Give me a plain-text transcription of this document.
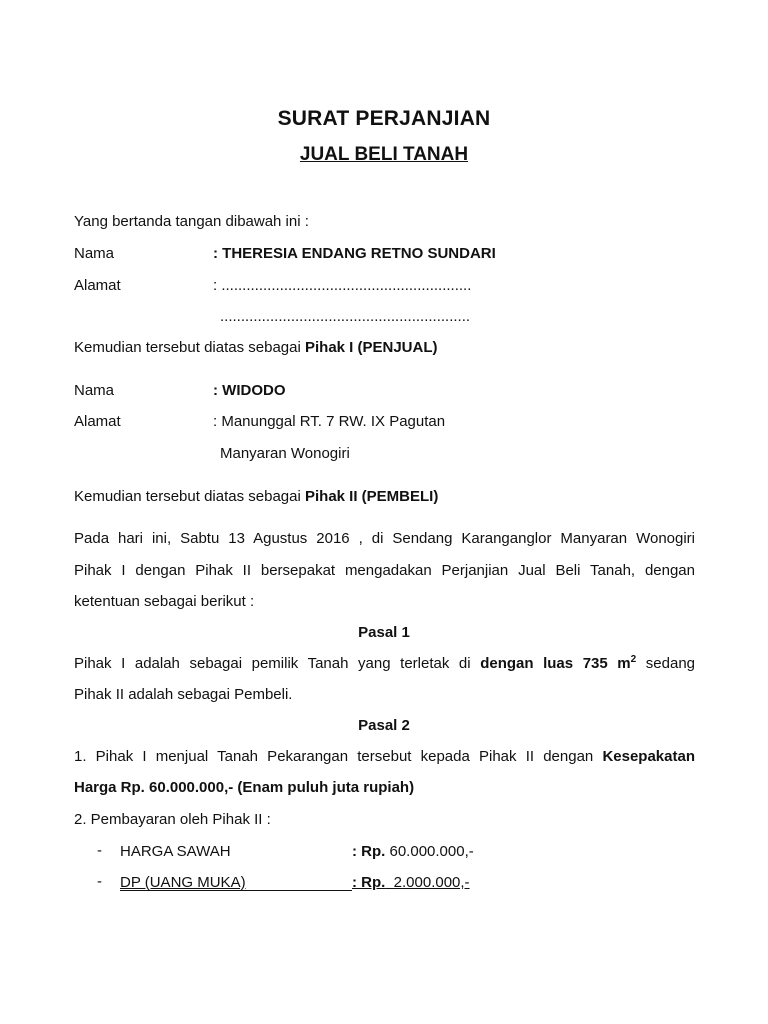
SURAT PERJANJIAN
JUAL BELI TANAH
Yang bertanda tangan dibawah ini :
Nama	: THERESIA ENDANG RETNO SUNDARI
Alamat	: ............................................................
............................................................
Kemudian tersebut diatas sebagai Pihak I (PENJUAL)
Nama	: WIDODO
Alamat	: Manunggal RT. 7 RW. IX Pagutan
Manyaran Wonogiri
Kemudian tersebut diatas sebagai Pihak II (PEMBELI)
Pada hari ini, Sabtu 13 Agustus 2016 , di Sendang Karanganglor Manyaran Wonogiri
Pihak I dengan Pihak II bersepakat mengadakan Perjanjian Jual Beli Tanah, dengan
ketentuan sebagai berikut :
Pasal 1
Pihak I adalah sebagai pemilik Tanah yang terletak di dengan luas 735 $m^2$ sedang
Pihak II adalah sebagai Pembeli.
Pasal 2
1. Pihak I menjual Tanah Pekarangan tersebut kepada Pihak II dengan Kesepakatan
Harga Rp. 60.000.000,- (Enam puluh juta rupiah)
2. Pembayaran oleh Pihak II :
- HARGA SAWAH	: Rp. 60.000.000,-
- DP (UANG MUKA)	: Rp.  2.000.000,-
